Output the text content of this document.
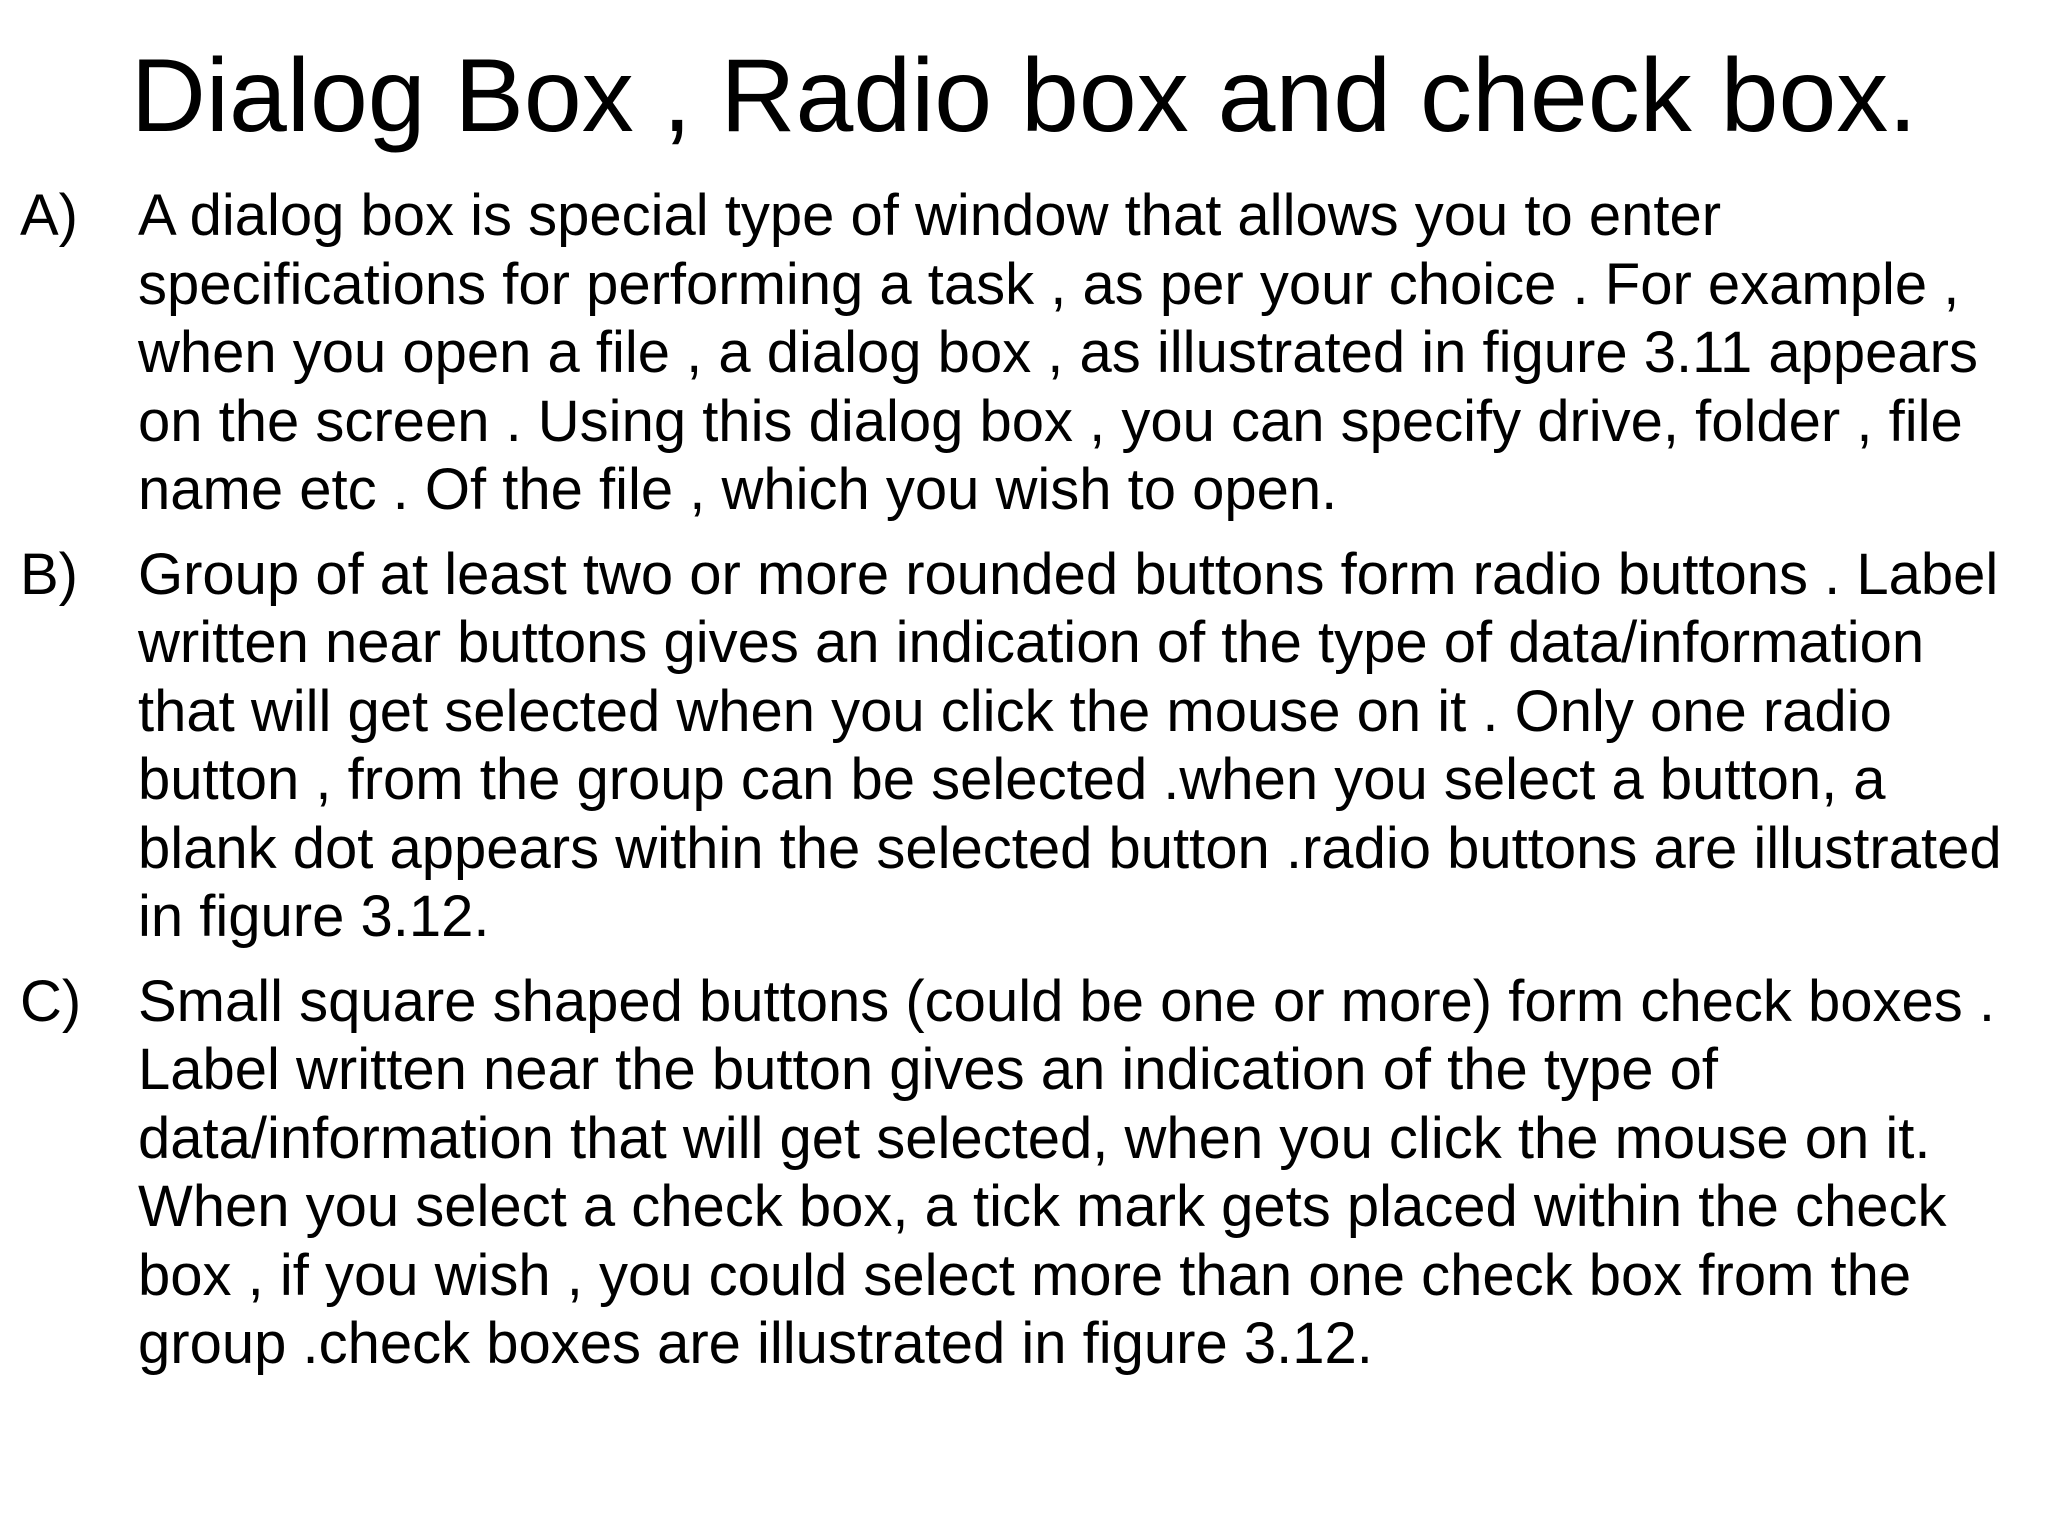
Dialog Box , Radio box and check box.
A)	A dialog box is special type of window that allows you to enter specifications for performing a task , as per your choice . For example , when you open a file , a dialog box , as illustrated in figure 3.11 appears on the screen . Using this dialog box , you can specify drive, folder , file name etc . Of the file , which you wish to open.
B)	Group of at least two or more rounded buttons form radio buttons . Label written near buttons gives an indication of the type of data/information that will get selected when you click the mouse on it . Only one radio button , from the group can be selected .when you select a button, a blank dot appears within the selected button .radio buttons are illustrated in figure 3.12.
C) Small square shaped buttons (could be one or more) form check boxes . Label written near the button gives an indication of the type of data/information that will get selected, when you click the mouse on it. When you select a check box, a tick mark gets placed within the check box , if you wish , you could select more than one check box from the group .check boxes are illustrated in figure 3.12.
